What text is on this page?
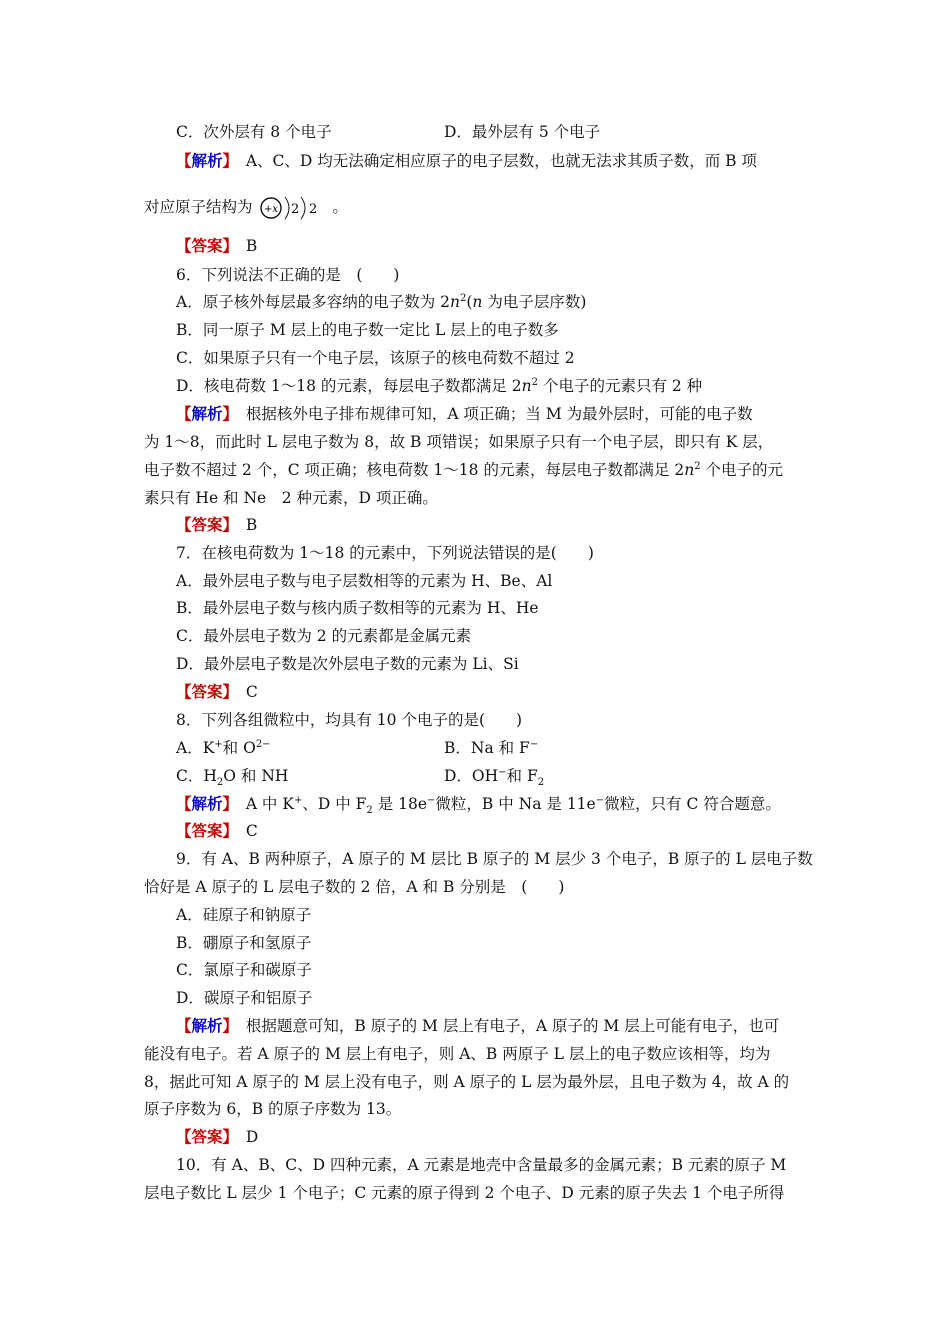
C．次外层有 8 个电子	D．最外层有 5 个电子
【解析】　 A、C、D 均无法确定相应原子的电子层数，也就无法求其质子数，而 B 项
对应原子结构为 +x 2 2 。
【答案】　 B
6．下列说法不正确的是　(　　)
A．原子核外每层最多容纳的电子数为 $2n^2(n$ 为电子层序数)
B．同一原子 M 层上的电子数一定比 L 层上的电子数多
C．如果原子只有一个电子层，该原子的核电荷数不超过 2
D．核电荷数 1～18 的元素，每层电子数都满足 $2n^2$ 个电子的元素只有 2 种
【解析】　 根据核外电子排布规律可知，A 项正确；当 M 为最外层时，可能的电子数
为 1～8，而此时 L 层电子数为 8，故 B 项错误；如果原子只有一个电子层，即只有 K 层，
电子数不超过 2 个，C 项正确；核电荷数 1～18 的元素，每层电子数都满足 $2n^2$ 个电子的元
素只有 He 和 Ne　2 种元素，D 项正确。
【答案】　 B
7．在核电荷数为 1～18 的元素中，下列说法错误的是(　　)
A．最外层电子数与电子层数相等的元素为 H、Be、Al
B．最外层电子数与核内质子数相等的元素为 H、He
C．最外层电子数为 2 的元素都是金属元素
D．最外层电子数是次外层电子数的元素为 Li、Si
【答案】　 C
8．下列各组微粒中，均具有 10 个电子的是(　　)
A．K+和 $O^{2-}$	B．Na 和 F−
C．$H_2O$ 和 NH	D．OH−和 $F_2$
【解析】　 A 中 K+、D 中 $F_2$ 是 18e−微粒，B 中 Na 是 11e−微粒，只有 C 符合题意。
【答案】　 C
9．有 A、B 两种原子，A 原子的 M 层比 B 原子的 M 层少 3 个电子，B 原子的 L 层电子数
恰好是 A 原子的 L 层电子数的 2 倍，A 和 B 分别是　(　　)
A．硅原子和钠原子
B．硼原子和氢原子
C．氯原子和碳原子
D．碳原子和铝原子
【解析】　 根据题意可知，B 原子的 M 层上有电子，A 原子的 M 层上可能有电子，也可
能没有电子。若 A 原子的 M 层上有电子，则 A、B 两原子 L 层上的电子数应该相等，均为
8，据此可知 A 原子的 M 层上没有电子，则 A 原子的 L 层为最外层，且电子数为 4，故 A 的
原子序数为 6，B 的原子序数为 13。
【答案】　 D
10．有 A、B、C、D 四种元素，A 元素是地壳中含量最多的金属元素；B 元素的原子 M
层电子数比 L 层少 1 个电子；C 元素的原子得到 2 个电子、D 元素的原子失去 1 个电子所得
